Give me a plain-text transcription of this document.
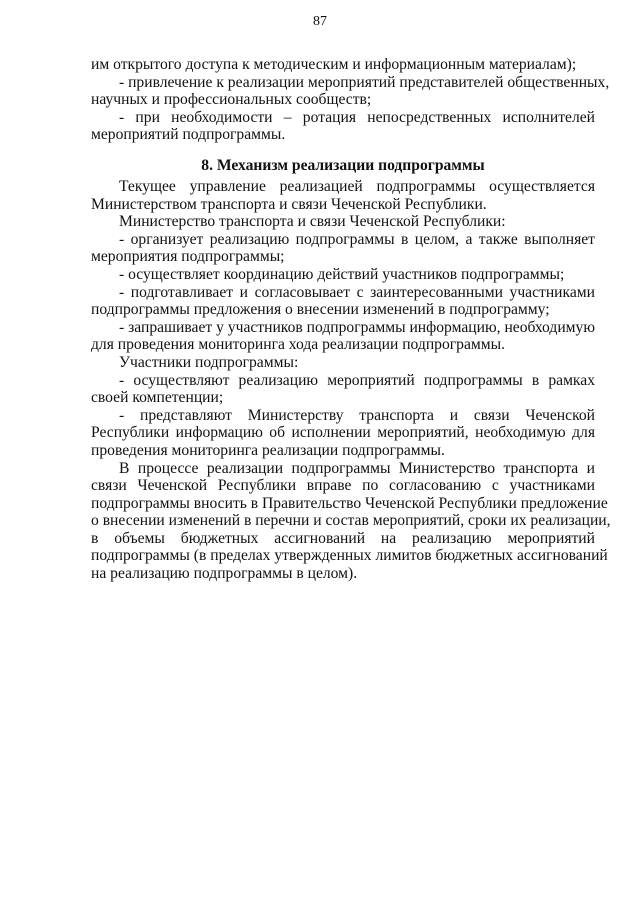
87
им открытого доступа к методическим и информационным материалам);
- привлечение к реализации мероприятий представителей общественных,
научных и профессиональных сообществ;
- при необходимости – ротация непосредственных исполнителей
мероприятий подпрограммы.
8. Механизм реализации подпрограммы
Текущее управление реализацией подпрограммы осуществляется
Министерством транспорта и связи Чеченской Республики.
Министерство транспорта и связи Чеченской Республики:
- организует реализацию подпрограммы в целом, а также выполняет
мероприятия подпрограммы;
- осуществляет координацию действий участников подпрограммы;
- подготавливает и согласовывает с заинтересованными участниками
подпрограммы предложения о внесении изменений в подпрограмму;
- запрашивает у участников подпрограммы информацию, необходимую
для проведения мониторинга хода реализации подпрограммы.
Участники подпрограммы:
- осуществляют реализацию мероприятий подпрограммы в рамках
своей компетенции;
- представляют Министерству транспорта и связи Чеченской
Республики информацию об исполнении мероприятий, необходимую для
проведения мониторинга реализации подпрограммы.
В процессе реализации подпрограммы Министерство транспорта и
связи Чеченской Республики вправе по согласованию с участниками
подпрограммы вносить в Правительство Чеченской Республики предложение
о внесении изменений в перечни и состав мероприятий, сроки их реализации,
в объемы бюджетных ассигнований на реализацию мероприятий
подпрограммы (в пределах утвержденных лимитов бюджетных ассигнований
на реализацию подпрограммы в целом).
